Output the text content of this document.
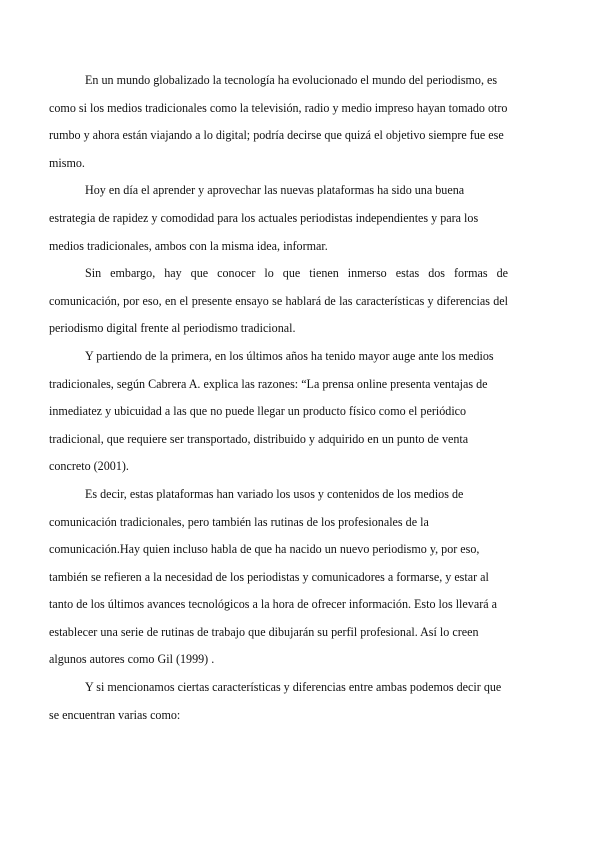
En un mundo globalizado la tecnología ha evolucionado el mundo del periodismo, es como si los medios tradicionales como la televisión, radio y medio impreso hayan tomado otro rumbo y ahora están viajando a lo digital; podría decirse que quizá el objetivo siempre fue ese mismo.

Hoy en día el aprender y aprovechar las nuevas plataformas ha sido una buena estrategia de rapidez y comodidad para los actuales periodistas independientes y para los medios tradicionales, ambos con la misma idea, informar.

Sin embargo, hay que conocer lo que tienen inmerso estas dos formas de comunicación, por eso, en el presente ensayo se hablará de las características y diferencias del periodismo digital frente al periodismo tradicional.

Y partiendo de la primera, en los últimos años ha tenido mayor auge ante los medios tradicionales, según Cabrera A. explica las razones: “La prensa online presenta ventajas de inmediatez y ubicuidad a las que no puede llegar un producto físico como el periódico tradicional, que requiere ser transportado, distribuido y adquirido en un punto de venta concreto (2001).

Es decir, estas plataformas han variado los usos y contenidos de los medios de comunicación tradicionales, pero también las rutinas de los profesionales de la comunicación.Hay quien incluso habla de que ha nacido un nuevo periodismo y, por eso, también se refieren a la necesidad de los periodistas y comunicadores a formarse, y estar al tanto de los últimos avances tecnológicos a la hora de ofrecer información. Esto los llevará a establecer una serie de rutinas de trabajo que dibujarán su perfil profesional. Así lo creen algunos autores como Gil (1999) .

Y si mencionamos ciertas características y diferencias entre ambas podemos decir que se encuentran varias como:
